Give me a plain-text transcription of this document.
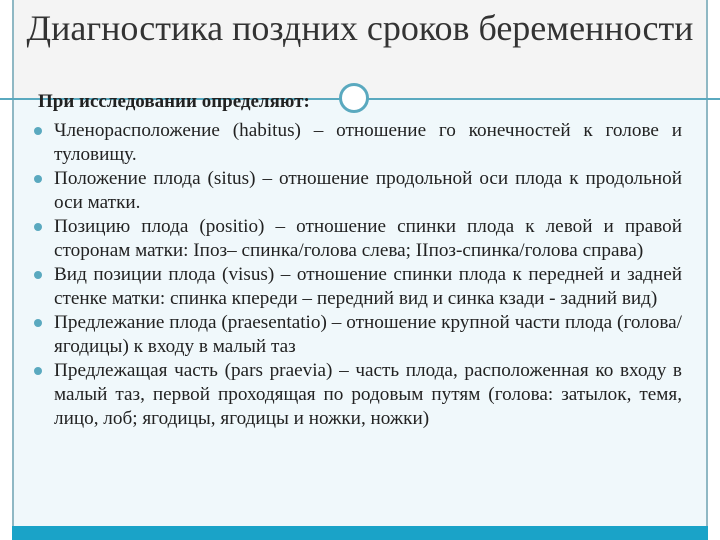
Диагностика поздних сроков беременности
При исследовании определяют:
Членорасположение (habitus) – отношение го конечностей к голове и туловищу.
Положение плода (situs) – отношение продольной оси плода к продольной оси матки.
Позицию плода (positio) – отношение спинки плода к левой и правой сторонам матки: Iпоз– спинка/голова слева; IIпоз-спинка/голова справа)
Вид позиции плода (visus) – отношение спинки плода к передней и задней стенке матки: спинка кпереди – передний вид и синка кзади - задний вид)
Предлежание плода (praesentatio) – отношение крупной части плода (голова/ягодицы) к входу в малый таз
Предлежащая часть (pars praevia) – часть плода, расположенная ко входу в малый таз, первой проходящая по родовым путям (голова: затылок, темя, лицо, лоб; ягодицы, ягодицы и ножки, ножки)
